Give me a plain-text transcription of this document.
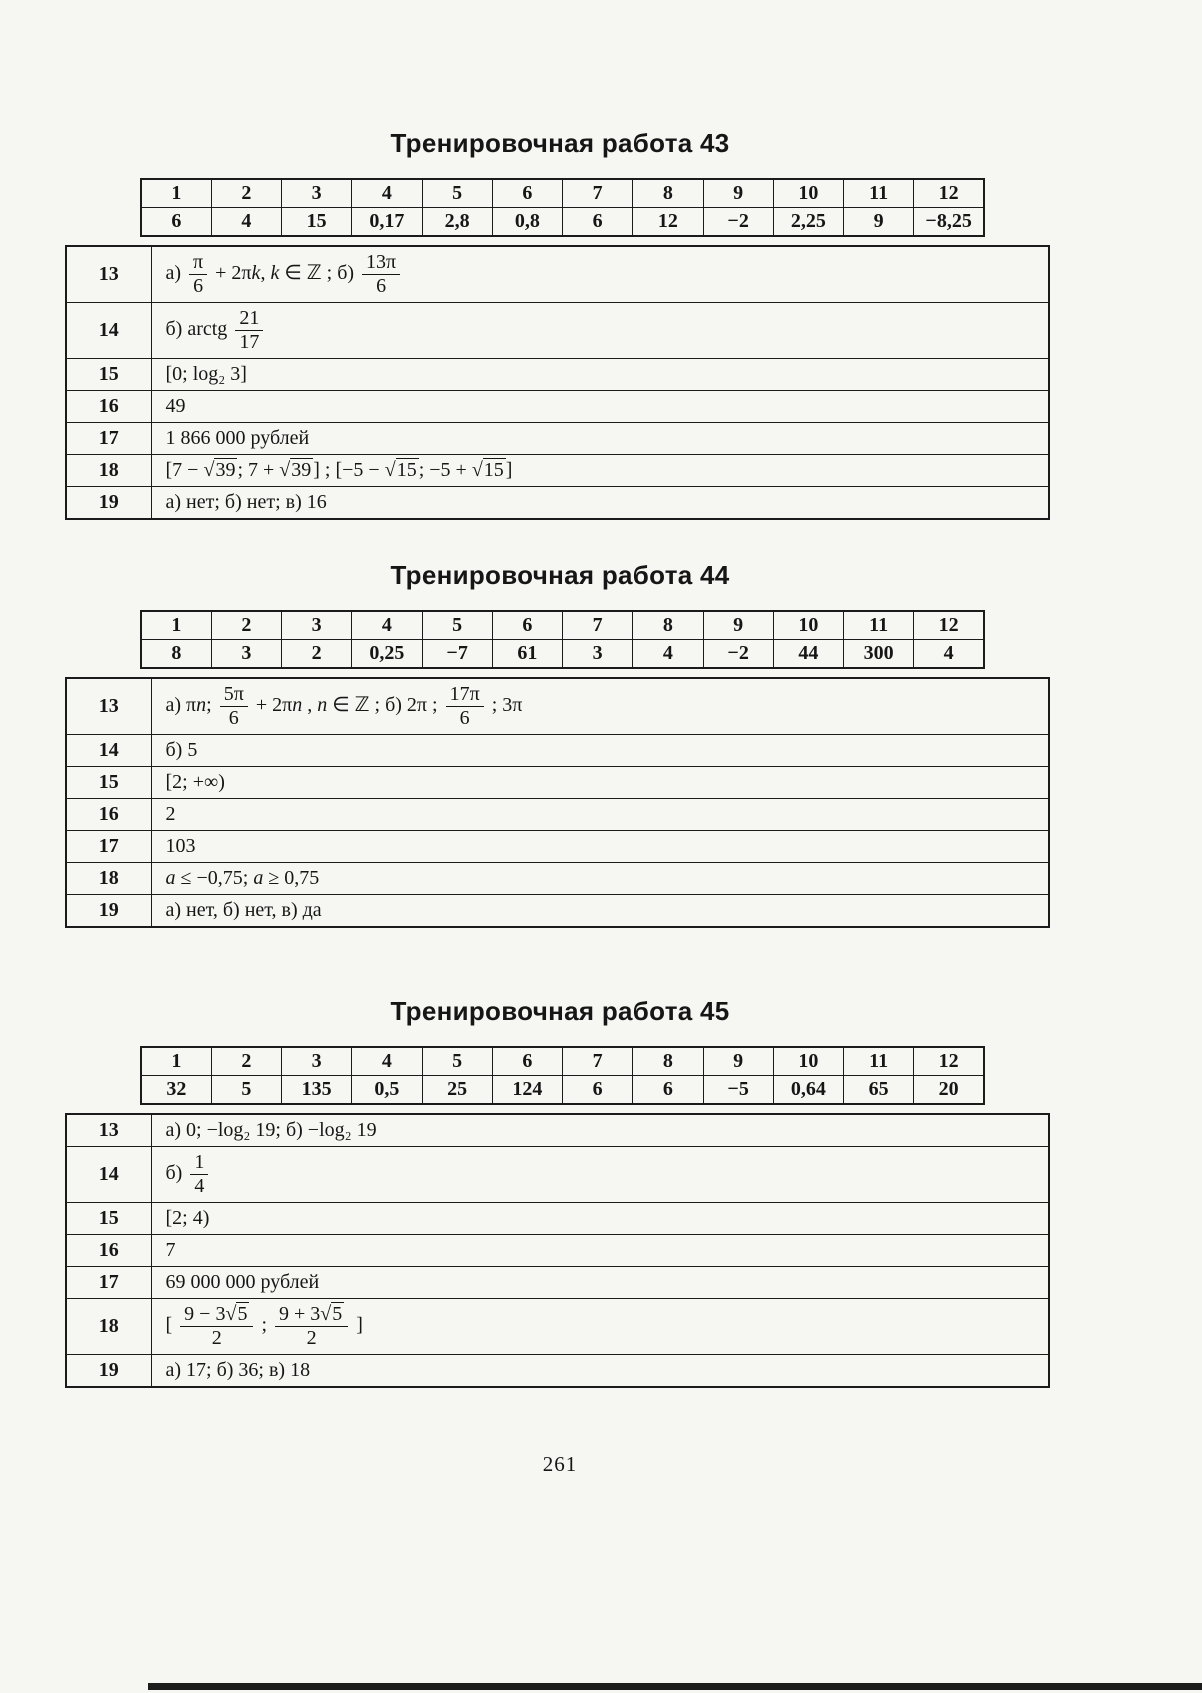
Тренировочная работа 43
1	2	3	4	5	6	7	8	9	10	11	12
6	4	15	0,17	2,8	0,8	6	12	−2	2,25	9	−8,25
13	$а) \frac{\pi}{6} + 2\pi k$, k ∈ ℤ ; $б) \frac{13\pi}{6}$

14	б) arctg $\frac{21}{17}$

15	[0; log₂ 3]
16	49
17	1 866 000 рублей
18	[7 − √39 ; 7 + √39 ] ; [−5 − √15 ; −5 + √15 ]
19	а) нет; б) нет; в) 16
Тренировочная работа 44
1	2	3	4	5	6	7	8	9	10	11	12
8	3	2	0,25	−7	61	3	4	−2	44	300	4
13	а) πn; $\frac{5\pi}{6} + 2\pi n$ , n ∈ ℤ ; б) 2π ; $\frac{17\pi}{6}$ ; 3π
14	б) 5
15	[2; +∞)
16	2
17	103
18	a ≤ −0,75; a ≥ 0,75
19	а) нет, б) нет, в) да
Тренировочная работа 45
1	2	3	4	5	6	7	8	9	10	11	12
32	5	135	0,5	25	124	6	6	−5	0,64	65	20
13	а) 0; −log₂ 19; б) −log₂ 19
14	$б) \frac{1}{4}$

15	[2; 4)
16	7
17	69 000 000 рублей
18	[ $\frac{9 - 3√5}{2}$ ; $\frac{9 + 3√5}{2}$ ]
19	а) 17; б) 36; в) 18
261
